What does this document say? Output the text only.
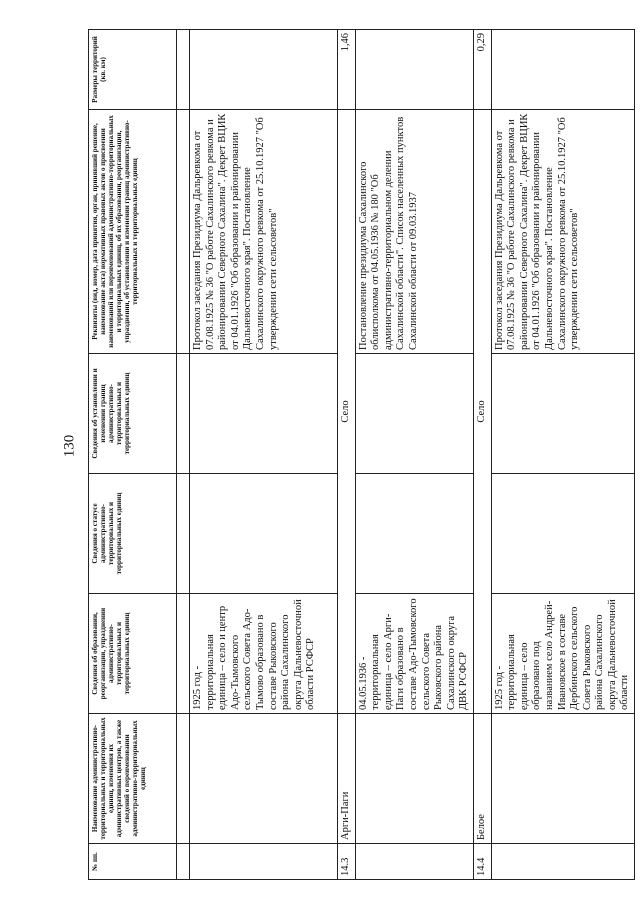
130
№ пп.	Наименование административно-территориальных и территориальных единиц, изменения их административных центров, а также сведений о переименовании административно-территориальных единиц	Сведения об образовании, реорганизации, упразднении административно-территориальных и территориальных единиц	Сведения о статусе административно-территориальных и территориальных единиц	Сведения об установлении и изменении границ административно-территориальных и территориальных единиц	Реквизиты (вид, номер, дата принятия, орган, принявший решение, наименование акта) нормативных правовых актов о присвоении наименований или переименований административно-территориальных и территориальных единиц, об их образовании, реорганизации, упразднении, об установлении и изменении границ административно-территориальных и территориальных единиц	Размеры территорий (кв. км)

		1925 год - территориальная единица – село и центр Адо-Тымовского сельского Совета Адо-Тымово образовано в составе Рыковского района Сахалинского округа Дальневосточной области РСФСР			Протокол заседания Президиума Дальревкома от 07.08.1925 № 36 "О работе Сахалинского ревкома и районировании Северного Сахалина". Декрет ВЦИК от 04.01.1926 "Об образовании и районировании Дальневосточного края". Постановление Сахалинского окружного ревкома от 25.10.1927 "Об утверждении сети сельсоветов"	
14.3	Арги-Паги	Село				1,46
		04.05.1936 - территориальная единица – село Арги-Паги образовано в составе Адо-Тымовского сельского Совета Рыковского района Сахалинского округа ДВК РСФСР			Постановление президиума Сахалинского облисполкома от 04.05.1936 № 180 "Об административно-территориальном делении Сахалинской области". Список населенных пунктов Сахалинской области от 09.03.1937	
14.4	Белое	Село				0,29
		1925 год - территориальная единица – село образовано под названием село Андрей-Ивановское в составе Дербинского сельского Совета Рыковского района Сахалинского округа Дальневосточной области			Протокол заседания Президиума Дальревкома от 07.08.1925 № 36 "О работе Сахалинского ревкома и районировании Северного Сахалина". Декрет ВЦИК от 04.01.1926 "Об образовании и районировании Дальневосточного края". Постановление Сахалинского окружного ревкома от 25.10.1927 "Об утверждении сети сельсоветов"	
